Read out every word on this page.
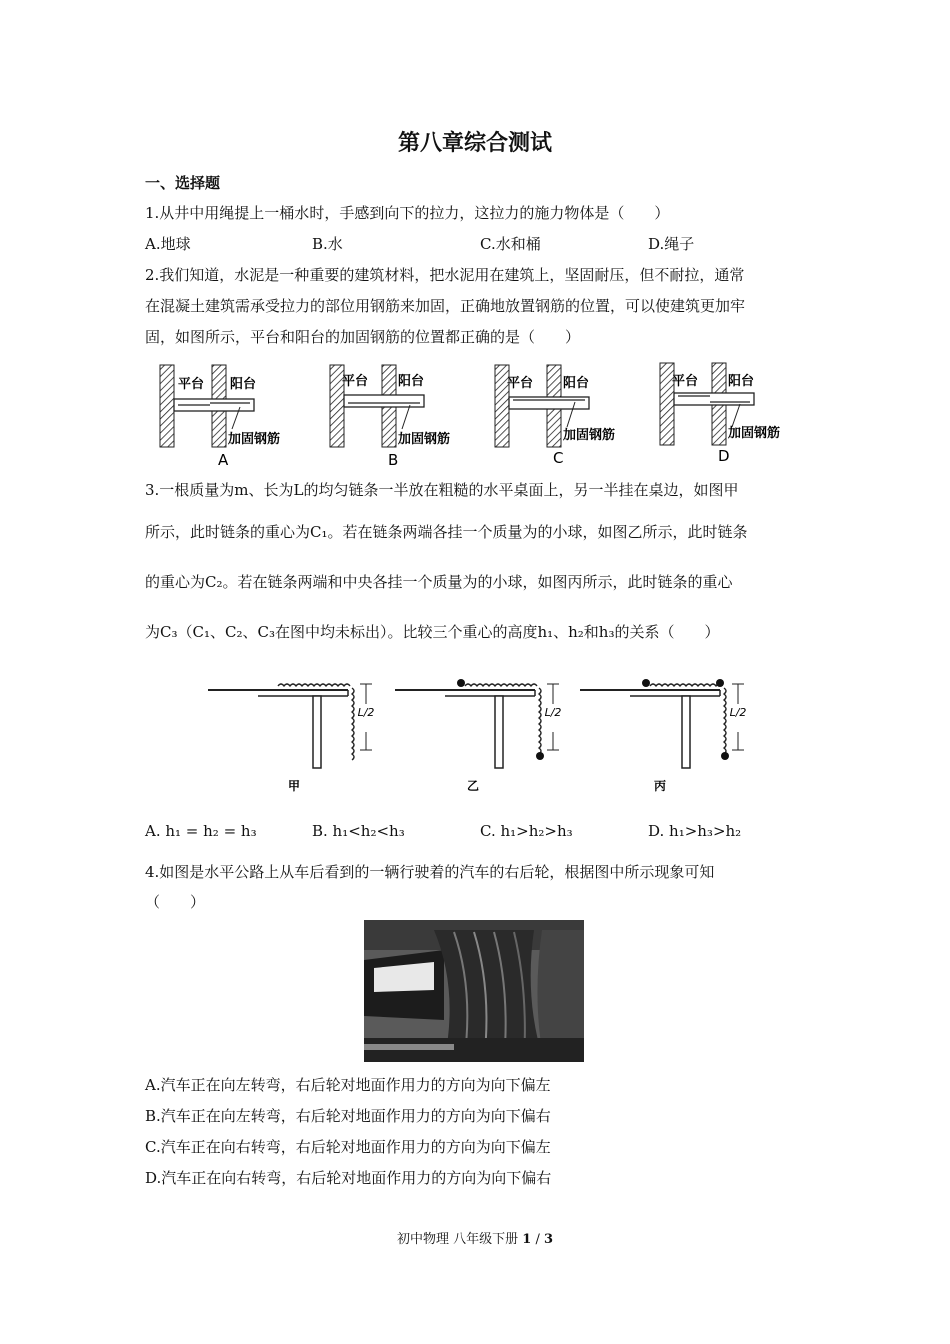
第八章综合测试
一、选择题
1.从井中用绳提上一桶水时，手感到向下的拉力，这拉力的施力物体是（　　）
A.地球	B.水	C.水和桶	D.绳子
2.我们知道，水泥是一种重要的建筑材料，把水泥用在建筑上，坚固耐压，但不耐拉，通常
在混凝土建筑需承受拉力的部位用钢筋来加固，正确地放置钢筋的位置，可以使建筑更加牢
固，如图所示，平台和阳台的加固钢筋的位置都正确的是（　　）
平台 阳台
加固钢筋
A
平台 阳台
加固钢筋
B
平台 阳台
加固钢筋
C
平台 阳台
加固钢筋
D
3.一根质量为m、长为L的均匀链条一半放在粗糙的水平桌面上，另一半挂在桌边，如图甲
所示，此时链条的重心为C₁。若在链条两端各挂一个质量为的小球，如图乙所示，此时链条
的重心为C₂。若在链条两端和中央各挂一个质量为的小球，如图丙所示，此时链条的重心
为C₃（C₁、C₂、C₃在图中均未标出）。比较三个重心的高度h₁、h₂和h₃的关系（　　）
L/2
甲
L/2
乙
L/2
丙
A. h₁ = h₂ = h₃	B. h₁<h₂<h₃	C. h₁>h₂>h₃	D. h₁>h₃>h₂
4.如图是水平公路上从车后看到的一辆行驶着的汽车的右后轮，根据图中所示现象可知
（　　）
A.汽车正在向左转弯，右后轮对地面作用力的方向为向下偏左
B.汽车正在向左转弯，右后轮对地面作用力的方向为向下偏右
C.汽车正在向右转弯，右后轮对地面作用力的方向为向下偏左
D.汽车正在向右转弯，右后轮对地面作用力的方向为向下偏右
初中物理 八年级下册 1 / 3
